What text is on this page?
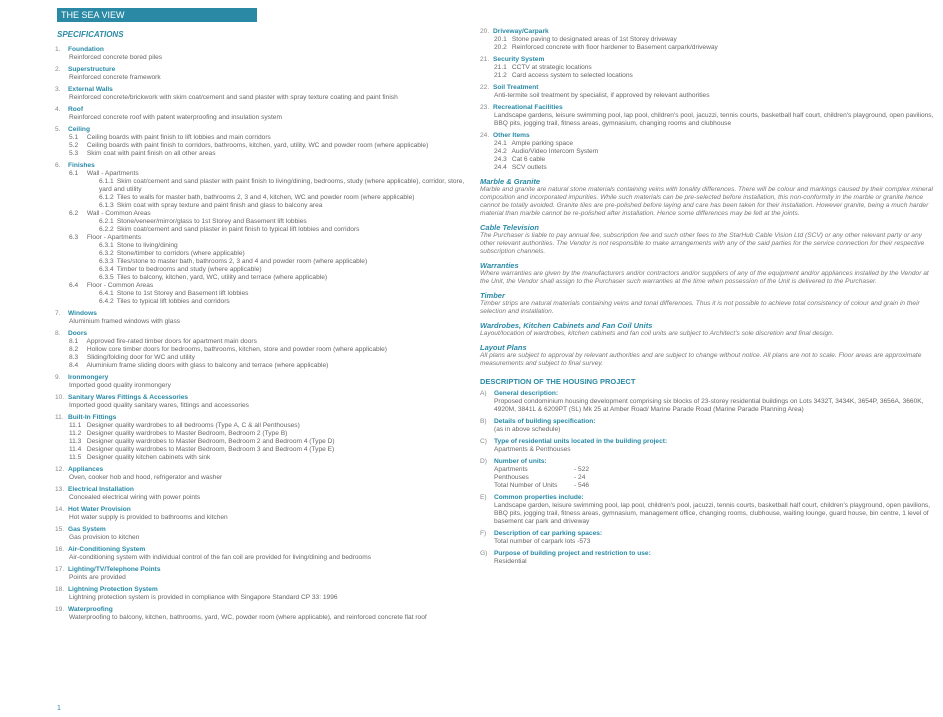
THE SEA VIEW
SPECIFICATIONS
1. Foundation
Reinforced concrete bored piles
2. Superstructure
Reinforced concrete framework
3. External Walls
Reinforced concrete/brickwork with skim coat/cement and sand plaster with spray texture coating and paint finish
4. Roof
Reinforced concrete roof with patent waterproofing and insulation system
5. Ceiling
5.1 Ceiling boards with paint finish to lift lobbies and main corridors
5.2 Ceiling boards with paint finish to corridors, bathrooms, kitchen, yard, utility, WC and powder room (where applicable)
5.3 Skim coat with paint finish on all other areas
6. Finishes
6.1 Wall - Apartments
6.1.1 Skim coat/cement and sand plaster with paint finish to living/dining, bedrooms, study (where applicable), corridor, store, yard and utility
6.1.2 Tiles to walls for master bath, bathrooms 2, 3 and 4, kitchen, WC and powder room (where applicable)
6.1.3 Skim coat with spray texture and paint finish and glass to balcony area
6.2 Wall - Common Areas
6.2.1 Stone/veneer/mirror/glass to 1st Storey and Basement lift lobbies
6.2.2 Skim coat/cement and sand plaster in paint finish to typical lift lobbies and corridors
6.3 Floor - Apartments
6.3.1 Stone to living/dining
6.3.2 Stone/timber to corridors (where applicable)
6.3.3 Tiles/stone to master bath, bathrooms 2, 3 and 4 and powder room (where applicable)
6.3.4 Timber to bedrooms and study (where applicable)
6.3.5 Tiles to balcony, kitchen, yard, WC, utility and terrace (where applicable)
6.4 Floor - Common Areas
6.4.1 Stone to 1st Storey and Basement lift lobbies
6.4.2 Tiles to typical lift lobbies and corridors
7. Windows
Aluminium framed windows with glass
8. Doors
8.1 Approved fire-rated timber doors for apartment main doors
8.2 Hollow core timber doors for bedrooms, bathrooms, kitchen, store and powder room (where applicable)
8.3 Sliding/folding door for WC and utility
8.4 Aluminium frame sliding doors with glass to balcony and terrace (where applicable)
9. Ironmongery
Imported good quality ironmongery
10. Sanitary Wares Fittings & Accessories
Imported good quality sanitary wares, fittings and accessories
11. Built-In Fittings
11.1 Designer quality wardrobes to all bedrooms (Type A, C & all Penthouses)
11.2 Designer quality wardrobes to Master Bedroom, Bedroom 2 (Type B)
11.3 Designer quality wardrobes to Master Bedroom, Bedroom 2 and Bedroom 4 (Type D)
11.4 Designer quality wardrobes to Master Bedroom, Bedroom 3 and Bedroom 4 (Type E)
11.5 Designer quality kitchen cabinets with sink
12. Appliances
Oven, cooker hob and hood, refrigerator and washer
13. Electrical Installation
Concealed electrical wiring with power points
14. Hot Water Provision
Hot water supply is provided to bathrooms and kitchen
15. Gas System
Gas provision to kitchen
16. Air-Conditioning System
Air-conditioning system with individual control of the fan coil are provided for living/dining and bedrooms
17. Lighting/TV/Telephone Points
Points are provided
18. Lightning Protection System
Lightning protection system is provided in compliance with Singapore Standard CP 33: 1996
19. Waterproofing
Waterproofing to balcony, kitchen, bathrooms, yard, WC, powder room (where applicable), and reinforced concrete flat roof
1
20. Driveway/Carpark
20.1 Stone paving to designated areas of 1st Storey driveway
20.2 Reinforced concrete with floor hardener to Basement carpark/driveway
21. Security System
21.1 CCTV at strategic locations
21.2 Card access system to selected locations
22. Soil Treatment
Anti-termite soil treatment by specialist, if approved by relevant authorities
23. Recreational Facilities
Landscape gardens, leisure swimming pool, lap pool, children's pool, jacuzzi, tennis courts, basketball half court, children's playground, open pavilions, BBQ pits, jogging trail, fitness areas, gymnasium, changing rooms and clubhouse
24. Other Items
24.1 Ample parking space
24.2 Audio/Video Intercom System
24.3 Cat 6 cable
24.4 SCV outlets
Marble & Granite
Marble and granite are natural stone materials containing veins with tonality differences. There will be colour and markings caused by their complex mineral composition and incorporated impurities. While such materials can be pre-selected before installation, this non-conformity in the marble or granite hence cannot be totally avoided. Granite tiles are pre-polished before laying and care has been taken for their installation. However granite, being a much harder material than marble cannot be re-polished after installation. Hence some differences may be felt at the joints.
Cable Television
The Purchaser is liable to pay annual fee, subscription fee and such other fees to the StarHub Cable Vision Ltd (SCV) or any other relevant party or any other relevant authorities. The Vendor is not responsible to make arrangements with any of the said parties for the service connection for their respective subscription channels.
Warranties
Where warranties are given by the manufacturers and/or contractors and/or suppliers of any of the equipment and/or appliances installed by the Vendor at the Unit, the Vendor shall assign to the Purchaser such warranties at the time when possession of the Unit is delivered to the Purchaser.
Timber
Timber strips are natural materials containing veins and tonal differences. Thus it is not possible to achieve total consistency of colour and grain in their selection and installation.
Wardrobes, Kitchen Cabinets and Fan Coil Units
Layout/location of wardrobes, kitchen cabinets and fan coil units are subject to Architect's sole discretion and final design.
Layout Plans
All plans are subject to approval by relevant authorities and are subject to change without notice. All plans are not to scale. Floor areas are approximate measurements and subject to final survey.
DESCRIPTION OF THE HOUSING PROJECT
A) General description:
Proposed condominium housing development comprising six blocks of 23-storey residential buildings on Lots 3432T, 3434K, 3654P, 3656A, 3660K, 4920M, 3841L & 6209PT (SL) Mk 25 at Amber Road/ Marine Parade Road (Marine Parade Planning Area)
B) Details of building specification:
(as in above schedule)
C) Type of residential units located in the building project:
Apartments & Penthouses
D) Number of units:
Apartments	- 522
Penthouses	- 24
Total Number of Units	- 546
E) Common properties include:
Landscape garden, leisure swimming pool, lap pool, children's pool, jacuzzi, tennis courts, basketball half court, children's playground, open pavilions, BBQ pits, jogging trail, fitness areas, gymnasium, management office, changing rooms, clubhouse, waiting lounge, guard house, bin centre, 1 level of basement car park and driveway
F) Description of car parking spaces:
Total number of carpark lots -573
G) Purpose of building project and restriction to use:
Residential
